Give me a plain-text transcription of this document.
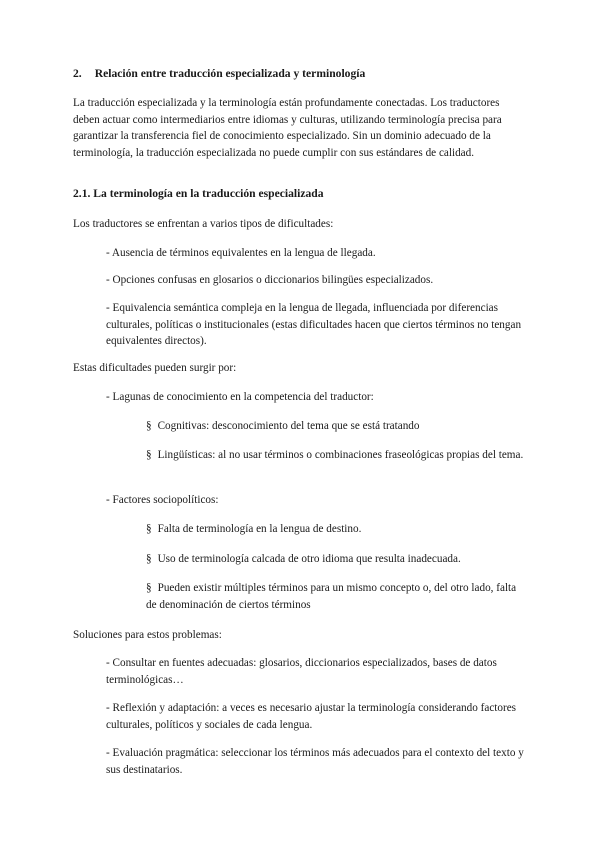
2. Relación entre traducción especializada y terminología
La traducción especializada y la terminología están profundamente conectadas. Los traductores deben actuar como intermediarios entre idiomas y culturas, utilizando terminología precisa para garantizar la transferencia fiel de conocimiento especializado. Sin un dominio adecuado de la terminología, la traducción especializada no puede cumplir con sus estándares de calidad.
2.1. La terminología en la traducción especializada
Los traductores se enfrentan a varios tipos de dificultades:
- Ausencia de términos equivalentes en la lengua de llegada.
- Opciones confusas en glosarios o diccionarios bilingües especializados.
- Equivalencia semántica compleja en la lengua de llegada, influenciada por diferencias culturales, políticas o institucionales (estas dificultades hacen que ciertos términos no tengan equivalentes directos).
Estas dificultades pueden surgir por:
- Lagunas de conocimiento en la competencia del traductor:
§ Cognitivas: desconocimiento del tema que se está tratando
§ Lingüísticas: al no usar términos o combinaciones fraseológicas propias del tema.
- Factores sociopolíticos:
§ Falta de terminología en la lengua de destino.
§ Uso de terminología calcada de otro idioma que resulta inadecuada.
§ Pueden existir múltiples términos para un mismo concepto o, del otro lado, falta de denominación de ciertos términos
Soluciones para estos problemas:
- Consultar en fuentes adecuadas: glosarios, diccionarios especializados, bases de datos terminológicas…
- Reflexión y adaptación: a veces es necesario ajustar la terminología considerando factores culturales, políticos y sociales de cada lengua.
- Evaluación pragmática: seleccionar los términos más adecuados para el contexto del texto y sus destinatarios.
